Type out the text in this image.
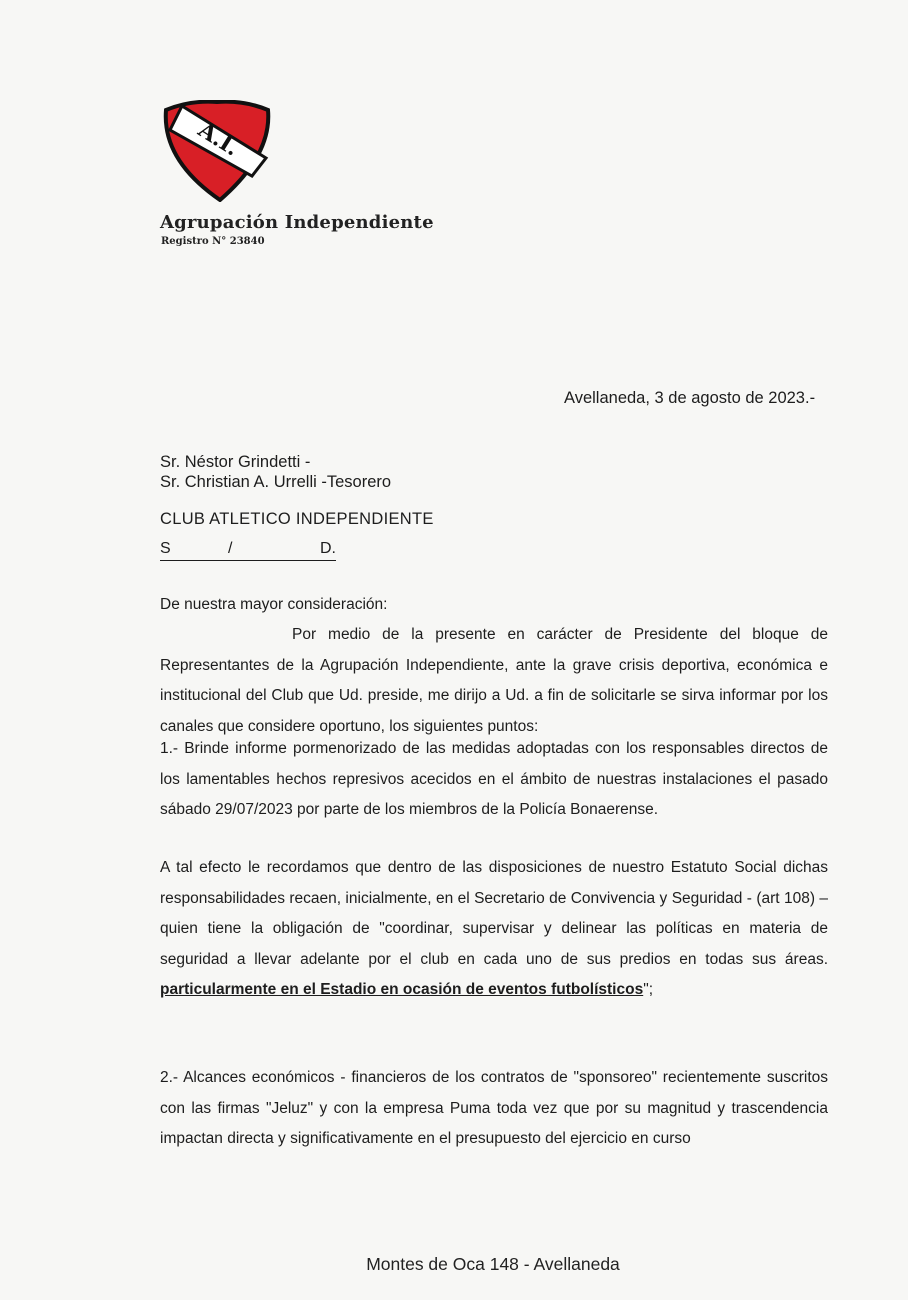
A.I.
Agrupación Independiente
Registro N° 23840
Avellaneda, 3 de agosto de 2023.-
Sr. Néstor Grindetti -
Sr. Christian A. Urrelli -Tesorero
CLUB ATLETICO INDEPENDIENTE
S	/	D.
De nuestra mayor consideración:
Por medio de la presente en carácter de Presidente del bloque de Representantes de la Agrupación Independiente, ante la grave crisis deportiva, económica e institucional del Club que Ud. preside, me dirijo a Ud. a fin de solicitarle se sirva informar por los canales que considere oportuno, los siguientes puntos:
1.- Brinde informe pormenorizado de las medidas adoptadas con los responsables directos de los lamentables hechos represivos acecidos en el ámbito de nuestras instalaciones el pasado sábado 29/07/2023 por parte de los miembros de la Policía Bonaerense.
A tal efecto le recordamos que dentro de las disposiciones de nuestro Estatuto Social dichas responsabilidades recaen, inicialmente, en el Secretario de Convivencia y Seguridad - (art 108) – quien tiene la obligación de "coordinar, supervisar y delinear las políticas en materia de seguridad a llevar adelante por el club en cada uno de sus predios en todas sus áreas. particularmente en el Estadio en ocasión de eventos futbolísticos";
2.- Alcances económicos - financieros de los contratos de "sponsoreo" recientemente suscritos con las firmas "Jeluz" y con la empresa Puma toda vez que por su magnitud y trascendencia impactan directa y significativamente en el presupuesto del ejercicio en curso
Montes de Oca 148 - Avellaneda
